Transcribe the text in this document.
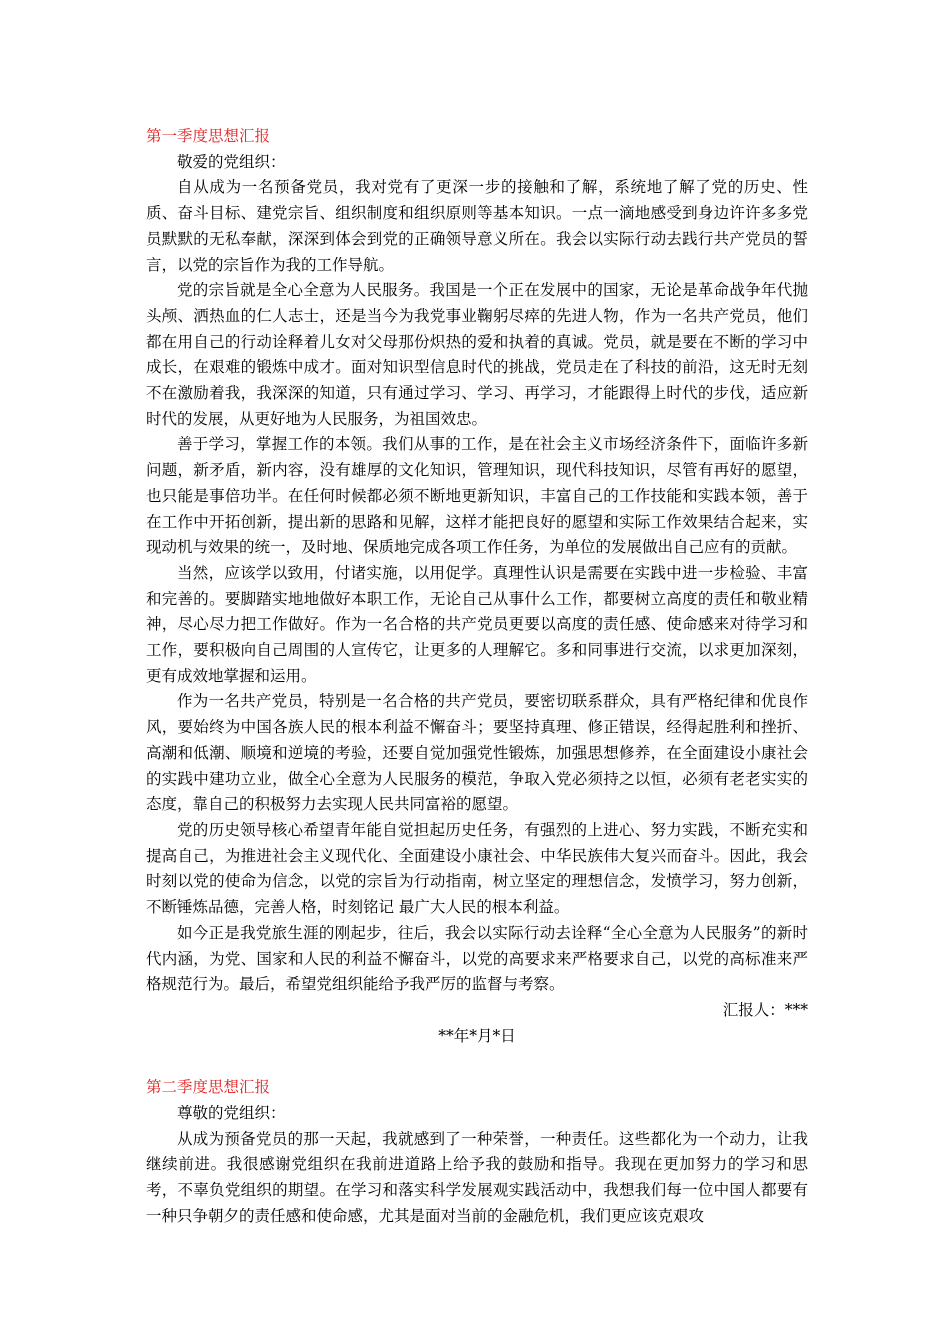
第一季度思想汇报

敬爱的党组织：

自从成为一名预备党员，我对党有了更深一步的接触和了解，系统地了解了党的历史、性质、奋斗目标、建党宗旨、组织制度和组织原则等基本知识。一点一滴地感受到身边许许多多党员默默的无私奉献，深深到体会到党的正确领导意义所在。我会以实际行动去践行共产党员的誓言，以党的宗旨作为我的工作导航。

党的宗旨就是全心全意为人民服务。我国是一个正在发展中的国家，无论是革命战争年代抛头颅、洒热血的仁人志士，还是当今为我党事业鞠躬尽瘁的先进人物，作为一名共产党员，他们都在用自己的行动诠释着儿女对父母那份炽热的爱和执着的真诚。党员，就是要在不断的学习中成长，在艰难的锻炼中成才。面对知识型信息时代的挑战，党员走在了科技的前沿，这无时无刻不在激励着我，我深深的知道，只有通过学习、学习、再学习，才能跟得上时代的步伐，适应新时代的发展，从更好地为人民服务，为祖国效忠。

善于学习，掌握工作的本领。我们从事的工作，是在社会主义市场经济条件下，面临许多新问题，新矛盾，新内容，没有雄厚的文化知识，管理知识，现代科技知识，尽管有再好的愿望，也只能是事倍功半。在任何时候都必须不断地更新知识，丰富自己的工作技能和实践本领，善于在工作中开拓创新，提出新的思路和见解，这样才能把良好的愿望和实际工作效果结合起来，实现动机与效果的统一，及时地、保质地完成各项工作任务，为单位的发展做出自己应有的贡献。

当然，应该学以致用，付诸实施，以用促学。真理性认识是需要在实践中进一步检验、丰富和完善的。要脚踏实地地做好本职工作，无论自己从事什么工作，都要树立高度的责任和敬业精神，尽心尽力把工作做好。作为一名合格的共产党员更要以高度的责任感、使命感来对待学习和工作，要积极向自己周围的人宣传它，让更多的人理解它。多和同事进行交流，以求更加深刻，更有成效地掌握和运用。

作为一名共产党员，特别是一名合格的共产党员，要密切联系群众，具有严格纪律和优良作风，要始终为中国各族人民的根本利益不懈奋斗；要坚持真理、修正错误，经得起胜利和挫折、高潮和低潮、顺境和逆境的考验，还要自觉加强党性锻炼，加强思想修养，在全面建设小康社会的实践中建功立业，做全心全意为人民服务的模范，争取入党必须持之以恒，必须有老老实实的态度，靠自己的积极努力去实现人民共同富裕的愿望。

党的历史领导核心希望青年能自觉担起历史任务，有强烈的上进心、努力实践，不断充实和提高自己，为推进社会主义现代化、全面建设小康社会、中华民族伟大复兴而奋斗。因此，我会时刻以党的使命为信念，以党的宗旨为行动指南，树立坚定的理想信念，发愤学习，努力创新，不断锤炼品德，完善人格，时刻铭记 最广大人民的根本利益。

如今正是我党旅生涯的刚起步，往后，我会以实际行动去诠释“全心全意为人民服务”的新时代内涵，为党、国家和人民的利益不懈奋斗，以党的高要求来严格要求自己，以党的高标准来严格规范行为。最后，希望党组织能给予我严厉的监督与考察。

汇报人：***

**年*月*日

第二季度思想汇报

尊敬的党组织：

从成为预备党员的那一天起，我就感到了一种荣誉，一种责任。这些都化为一个动力，让我继续前进。我很感谢党组织在我前进道路上给予我的鼓励和指导。我现在更加努力的学习和思考，不辜负党组织的期望。在学习和落实科学发展观实践活动中，我想我们每一位中国人都要有一种只争朝夕的责任感和使命感，尤其是面对当前的金融危机，我们更应该克艰攻
